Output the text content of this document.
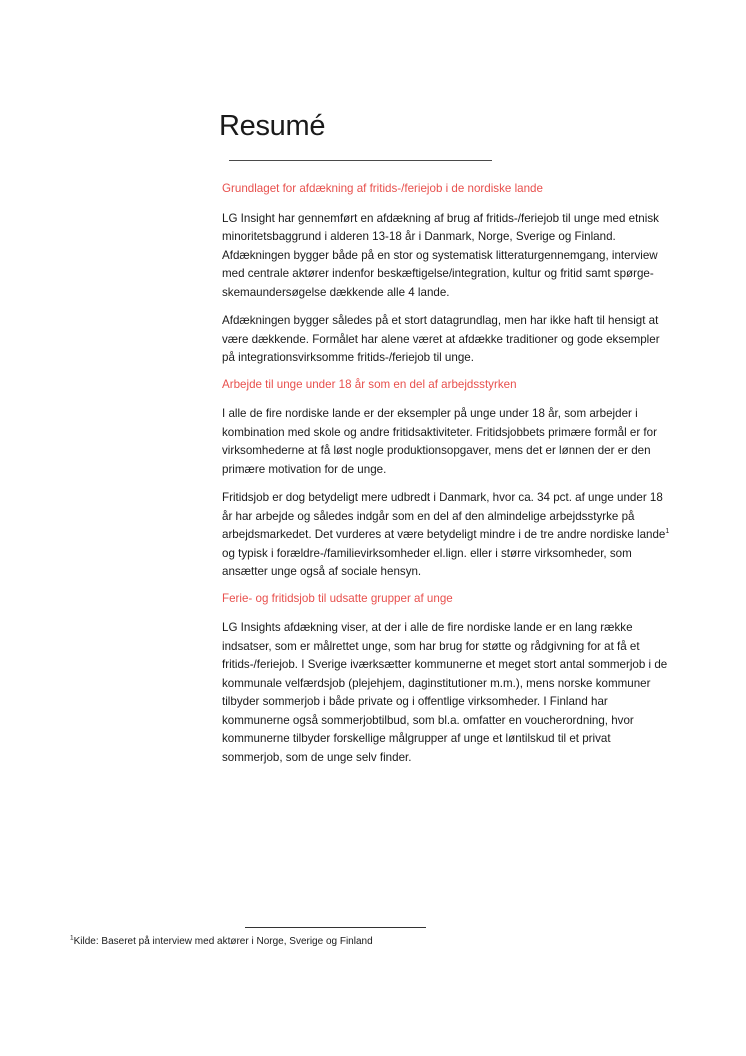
Resumé
Grundlaget for afdækning af fritids-/feriejob i de nordiske lande

LG Insight har gennemført en afdækning af brug af fritids-/feriejob til unge med etnisk minoritetsbaggrund i alderen 13-18 år i Danmark, Norge, Sverige og Finland. Afdækningen bygger både på en stor og systematisk litteraturgennemgang, interview med centrale aktører indenfor beskæftigelse/integration, kultur og fritid samt spørge-skemaundersøgelse dækkende alle 4 lande.

Afdækningen bygger således på et stort datagrundlag, men har ikke haft til hensigt at være dækkende. Formålet har alene været at afdække traditioner og gode eksempler på integrationsvirksomme fritids-/feriejob til unge.

Arbejde til unge under 18 år som en del af arbejdsstyrken

I alle de fire nordiske lande er der eksempler på unge under 18 år, som arbejder i kombination med skole og andre fritidsaktiviteter. Fritidsjobbets primære formål er for virksomhederne at få løst nogle produktionsopgaver, mens det er lønnen der er den primære motivation for de unge.

Fritidsjob er dog betydeligt mere udbredt i Danmark, hvor ca. 34 pct. af unge under 18 år har arbejde og således indgår som en del af den almindelige arbejdsstyrke på arbejdsmarkedet. Det vurderes at være betydeligt mindre i de tre andre nordiske lande$^1$ og typisk i forældre-/familievirksomheder el.lign. eller i større virksomheder, som ansætter unge også af sociale hensyn.

Ferie- og fritidsjob til udsatte grupper af unge

LG Insights afdækning viser, at der i alle de fire nordiske lande er en lang række indsatser, som er målrettet unge, som har brug for støtte og rådgivning for at få et fritids-/feriejob. I Sverige iværksætter kommunerne et meget stort antal sommerjob i de kommunale velfærdsjob (plejehjem, daginstitutioner m.m.), mens norske kommuner tilbyder sommerjob i både private og i offentlige virksomheder. I Finland har kommunerne også sommerjobtilbud, som bl.a. omfatter en voucherordning, hvor kommunerne tilbyder forskellige målgrupper af unge et løntilskud til et privat sommerjob, som de unge selv finder.

$^1$Kilde: Baseret på interview med aktører i Norge, Sverige og Finland
